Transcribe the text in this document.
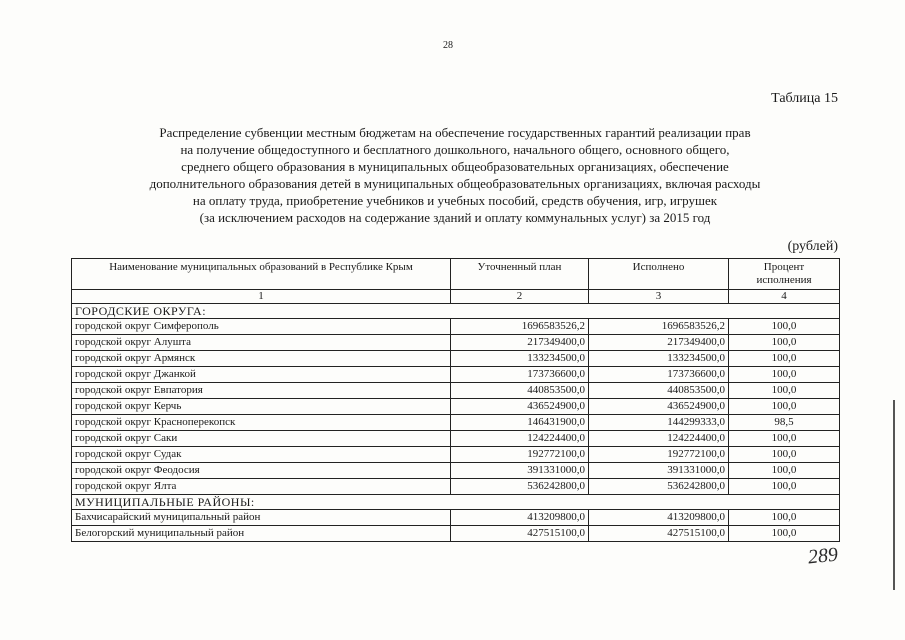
28
Таблица 15
Распределение субвенции местным бюджетам на обеспечение государственных гарантий реализации прав
на получение общедоступного и бесплатного дошкольного, начального общего, основного общего,
среднего общего образования в муниципальных общеобразовательных организациях, обеспечение
дополнительного образования детей в муниципальных общеобразовательных организациях, включая расходы
на оплату труда, приобретение учебников и учебных пособий, средств обучения, игр, игрушек
(за исключением расходов на содержание зданий и оплату коммунальных услуг) за 2015 год
(рублей)
Наименование муниципальных образований в Республике Крым	Уточненный план	Исполнено	Процент
исполнения

1	2	3	4
ГОРОДСКИЕ ОКРУГА:			
городской округ Симферополь	1696583526,2	1696583526,2	100,0
городской округ Алушта	217349400,0	217349400,0	100,0
городской округ Армянск	133234500,0	133234500,0	100,0
городской округ Джанкой	173736600,0	173736600,0	100,0
городской округ Евпатория	440853500,0	440853500,0	100,0
городской округ Керчь	436524900,0	436524900,0	100,0
городской округ Красноперекопск	146431900,0	144299333,0	98,5
городской округ Саки	124224400,0	124224400,0	100,0
городской округ Судак	192772100,0	192772100,0	100,0
городской округ Феодосия	391331000,0	391331000,0	100,0
городской округ Ялта	536242800,0	536242800,0	100,0
МУНИЦИПАЛЬНЫЕ РАЙОНЫ:			
Бахчисарайский муниципальный район	413209800,0	413209800,0	100,0
Белогорский муниципальный район	427515100,0	427515100,0	100,0
289
